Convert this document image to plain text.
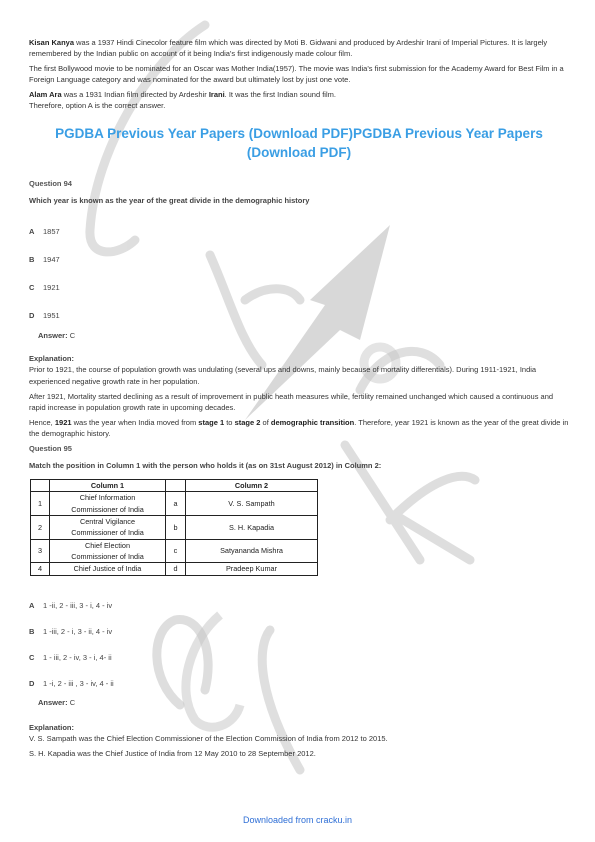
Kisan Kanya was a 1937 Hindi Cinecolor feature film which was directed by Moti B. Gidwani and produced by Ardeshir Irani of Imperial Pictures. It is largely remembered by the Indian public on account of it being India's first indigenously made colour film.

The first Bollywood movie to be nominated for an Oscar was Mother India(1957). The movie was India's first submission for the Academy Award for Best Film in a Foreign Language category and was nominated for the award but ultimately lost by just one vote.

Alam Ara was a 1931 Indian film directed by Ardeshir Irani. It was the first Indian sound film.

Therefore, option A is the correct answer.

PGDBA Previous Year Papers (Download PDF)PGDBA Previous Year Papers (Download PDF)
Question 94
Which year is known as the year of the great divide in the demographic history
A 1857
B 1947
C 1921
D 1951
Answer: C
Explanation:

Prior to 1921, the course of population growth was undulating (several ups and downs, mainly because of mortality differentials). During 1911-1921, India experienced negative growth rate in her population.

After 1921, Mortality started declining as a result of improvement in public heath measures while, fertility remained unchanged which caused a continuous and rapid increase in population growth rate in upcoming decades.

Hence, 1921 was the year when India moved from stage 1 to stage 2 of demographic transition. Therefore, year 1921 is known as the year of the great divide in the demographic history.

Question 95
Match the position in Column 1 with the person who holds it (as on 31st August 2012) in Column 2:
	Column 1		Column 2
1	Chief Information
Commissioner of India	a	V. S. Sampath
2	Central Vigilance
Commissioner of India	b	S. H. Kapadia
3	Chief Election
Commissioner of India	c	Satyananda Mishra
4	Chief Justice of India	d	Pradeep Kumar
A 1 -ii, 2 - iii, 3 - i, 4 - iv
B 1 -iii, 2 - i, 3 - ii, 4 - iv
C 1 - iii, 2 - iv, 3 - i, 4- ii
D 1 -i, 2 - iii , 3 - iv, 4 - ii
Answer: C
Explanation:

V. S. Sampath was the Chief Election Commissioner of the Election Commission of India from 2012 to 2015.

S. H. Kapadia was the Chief Justice of India from 12 May 2010 to 28 September 2012.

Downloaded from cracku.in
